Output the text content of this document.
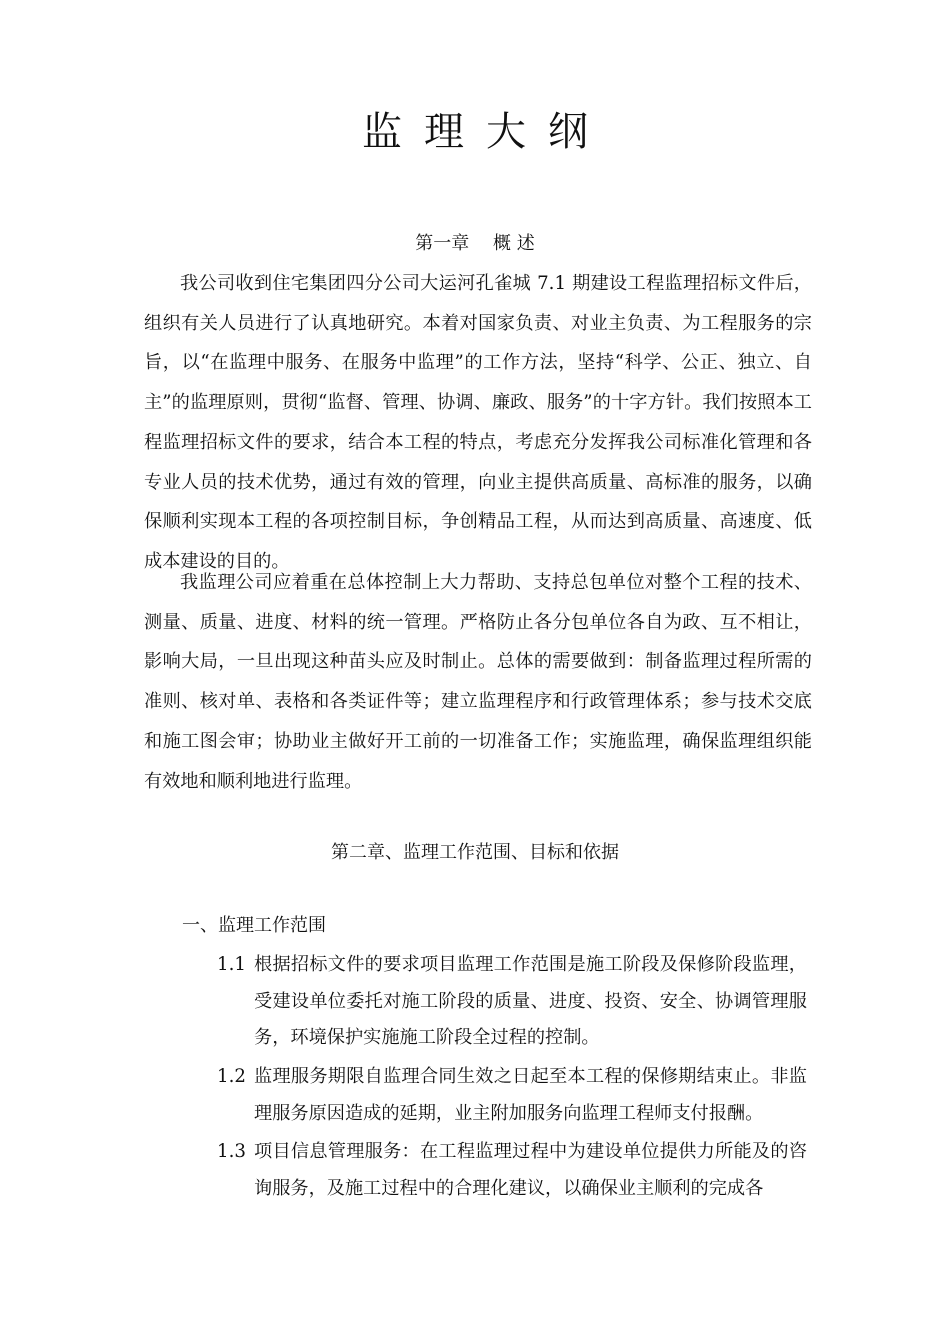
监理大纲
第一章　 概 述

我公司收到住宅集团四分公司大运河孔雀城 7.1 期建设工程监理招标文件后，组织有关人员进行了认真地研究。本着对国家负责、对业主负责、为工程服务的宗旨，以“在监理中服务、在服务中监理”的工作方法，坚持“科学、公正、独立、自主”的监理原则，贯彻“监督、管理、协调、廉政、服务”的十字方针。我们按照本工程监理招标文件的要求，结合本工程的特点，考虑充分发挥我公司标准化管理和各专业人员的技术优势，通过有效的管理，向业主提供高质量、高标准的服务，以确保顺利实现本工程的各项控制目标，争创精品工程，从而达到高质量、高速度、低成本建设的目的。

我监理公司应着重在总体控制上大力帮助、支持总包单位对整个工程的技术、测量、质量、进度、材料的统一管理。严格防止各分包单位各自为政、互不相让，影响大局，一旦出现这种苗头应及时制止。总体的需要做到：制备监理过程所需的准则、核对单、表格和各类证件等；建立监理程序和行政管理体系；参与技术交底和施工图会审；协助业主做好开工前的一切准备工作；实施监理，确保监理组织能有效地和顺利地进行监理。

第二章、监理工作范围、目标和依据
一、监理工作范围
1.1 根据招标文件的要求项目监理工作范围是施工阶段及保修阶段监理，受建设单位委托对施工阶段的质量、进度、投资、安全、协调管理服务，环境保护实施施工阶段全过程的控制。
1.2 监理服务期限自监理合同生效之日起至本工程的保修期结束止。非监理服务原因造成的延期，业主附加服务向监理工程师支付报酬。
1.3 项目信息管理服务：在工程监理过程中为建设单位提供力所能及的咨询服务，及施工过程中的合理化建议，以确保业主顺利的完成各
